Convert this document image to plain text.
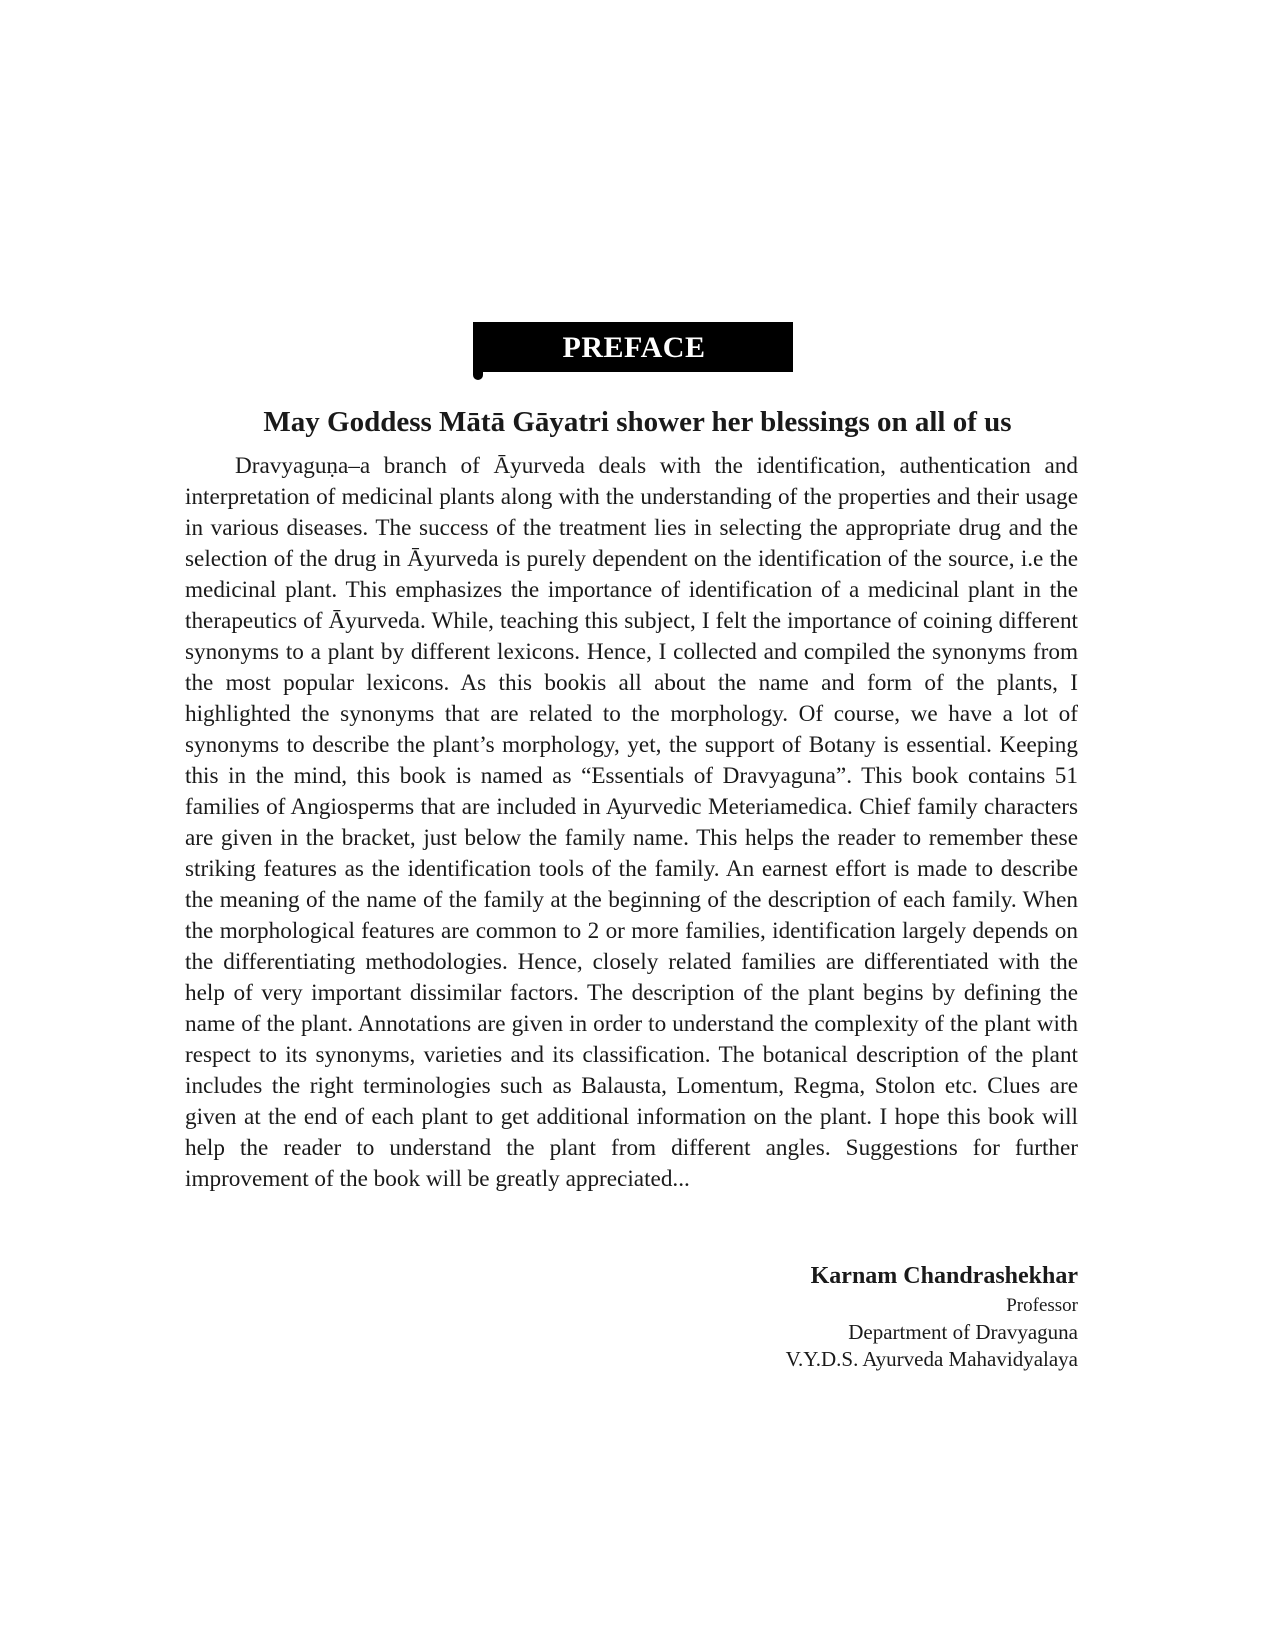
PREFACE
May Goddess Mātā Gāyatri shower her blessings on all of us

Dravyaguṇa–a branch of Āyurveda deals with the identification, authentication and interpretation of medicinal plants along with the understanding of the properties and their usage in various diseases. The success of the treatment lies in selecting the appropriate drug and the selection of the drug in Āyurveda is purely dependent on the identification of the source, i.e the medicinal plant. This emphasizes the importance of identification of a medicinal plant in the therapeutics of Āyurveda. While, teaching this subject, I felt the importance of coining different synonyms to a plant by different lexicons. Hence, I collected and compiled the synonyms from the most popular lexicons. As this bookis all about the name and form of the plants, I highlighted the synonyms that are related to the morphology. Of course, we have a lot of synonyms to describe the plant’s morphology, yet, the support of Botany is essential. Keeping this in the mind, this book is named as “Essentials of Dravyaguna”. This book contains 51 families of Angiosperms that are included in Ayurvedic Meteriamedica. Chief family characters are given in the bracket, just below the family name. This helps the reader to remember these striking features as the identification tools of the family. An earnest effort is made to describe the meaning of the name of the family at the beginning of the description of each family. When the morphological features are common to 2 or more families, identification largely depends on the differentiating methodologies. Hence, closely related families are differentiated with the help of very important dissimilar factors. The description of the plant begins by defining the name of the plant. Annotations are given in order to understand the complexity of the plant with respect to its synonyms, varieties and its classification. The botanical description of the plant includes the right terminologies such as Balausta, Lomentum, Regma, Stolon etc. Clues are given at the end of each plant to get additional information on the plant. I hope this book will help the reader to understand the plant from different angles. Suggestions for further improvement of the book will be greatly appreciated...

Karnam Chandrashekhar
Professor
Department of Dravyaguna
V.Y.D.S. Ayurveda Mahavidyalaya
